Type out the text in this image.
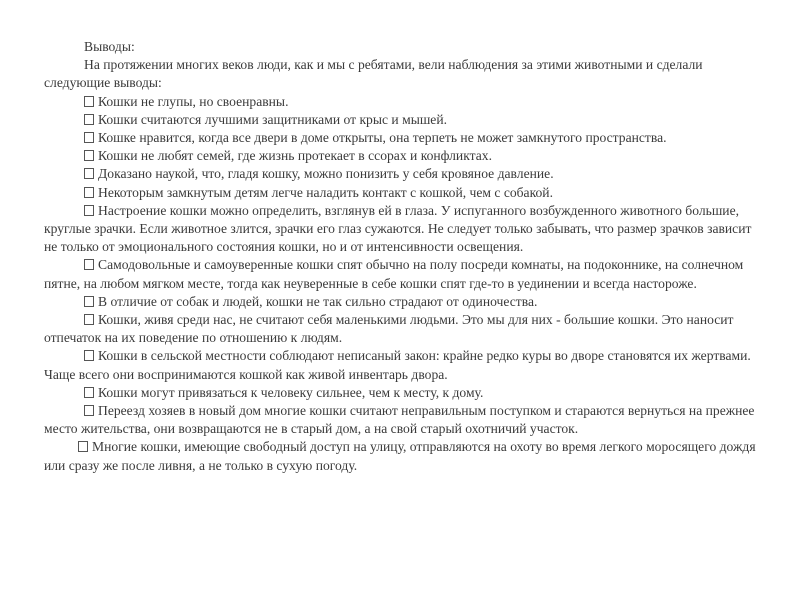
Выводы:

На протяжении многих веков люди, как и мы с ребятами, вели наблюдения за этими животными и сделали следующие выводы:

Кошки не глупы, но своенравны.

Кошки считаются лучшими защитниками от крыс и мышей.

Кошке нравится, когда все двери в доме открыты, она терпеть не может замкнутого пространства.

Кошки не любят семей, где жизнь протекает в ссорах и конфликтах.

Доказано наукой, что, гладя кошку, можно понизить у себя кровяное давление.

Некоторым замкнутым детям легче наладить контакт с кошкой, чем с собакой.

Настроение кошки можно определить, взглянув ей в глаза. У испуганного возбужденного животного большие, круглые зрачки. Если животное злится, зрачки его глаз сужаются. Не следует только забывать, что размер зрачков зависит не только от эмоционального состояния кошки, но и от интенсивности освещения.

Самодовольные и самоуверенные кошки спят обычно на полу посреди комнаты, на подоконнике, на солнечном пятне, на любом мягком месте, тогда как неуверенные в себе кошки спят где-то в уединении и всегда настороже.

В отличие от собак и людей, кошки не так сильно страдают от одиночества.

Кошки, живя среди нас, не считают себя маленькими людьми. Это мы для них - большие кошки. Это наносит отпечаток на их поведение по отношению к людям.

Кошки в сельской местности соблюдают неписаный закон: крайне редко куры во дворе становятся их жертвами. Чаще всего они воспринимаются кошкой как живой инвентарь двора.

Кошки могут привязаться к человеку сильнее, чем к месту, к дому.

Переезд хозяев в новый дом многие кошки считают неправильным поступком и стараются вернуться на прежнее место жительства, они возвращаются не в старый дом, а на свой старый охотничий участок.

Многие кошки, имеющие свободный доступ на улицу, отправляются на охоту во время легкого моросящего дождя или сразу же после ливня, а не только в сухую погоду.
